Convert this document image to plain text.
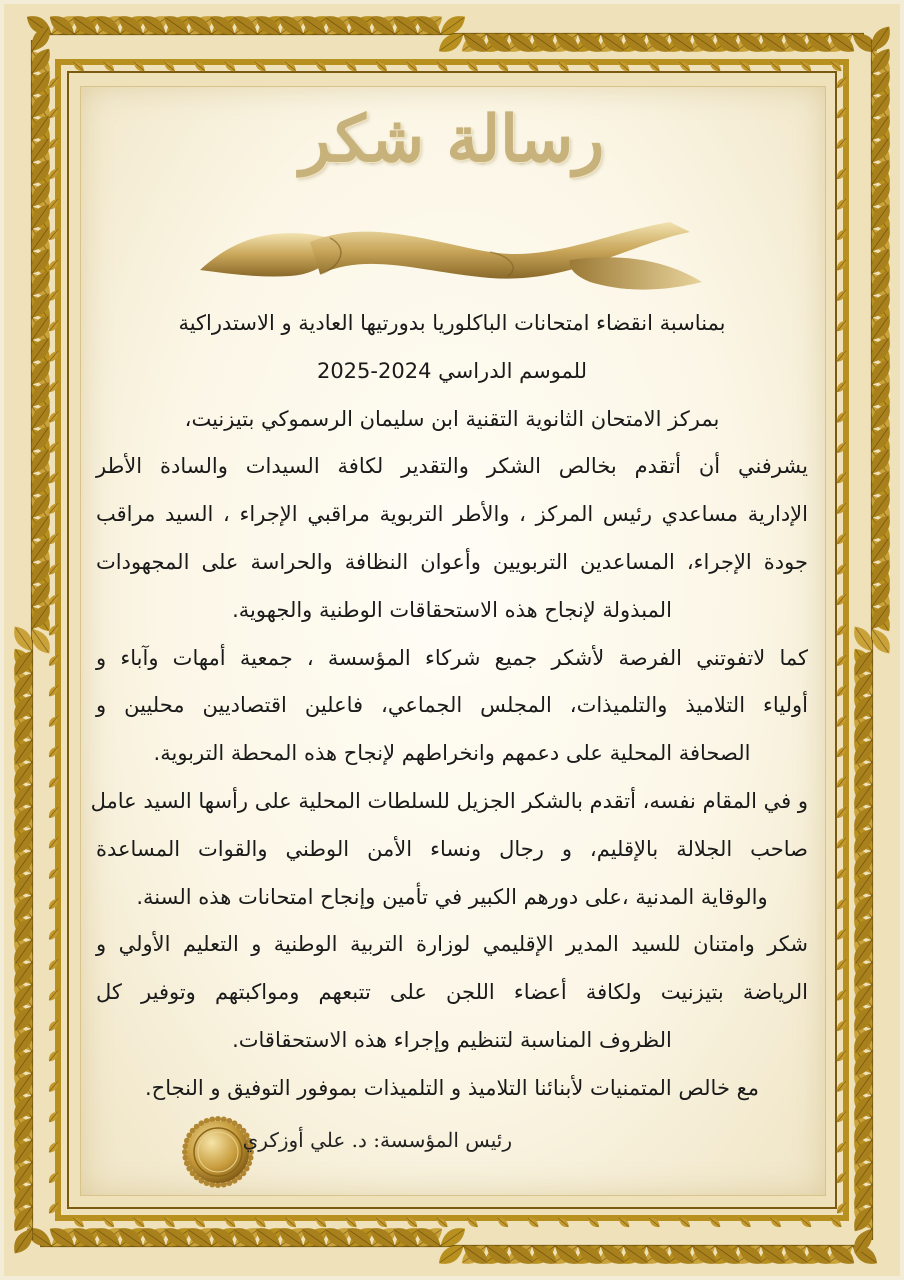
رسالة شكر

بمناسبة انقضاء امتحانات الباكلوريا بدورتيها العادية و الاستدراكية

للموسم الدراسي 2024-2025

بمركز الامتحان الثانوية التقنية ابن سليمان الرسموكي بتيزنيت،

يشرفني أن أتقدم بخالص الشكر والتقدير لكافة السيدات والسادة الأطر

الإدارية مساعدي رئيس المركز ، والأطر التربوية مراقبي الإجراء ، السيد مراقب

جودة الإجراء، المساعدين التربويين وأعوان النظافة والحراسة على المجهودات

المبذولة لإنجاح هذه الاستحقاقات الوطنية والجهوية.

كما لاتفوتني الفرصة لأشكر جميع شركاء المؤسسة ، جمعية أمهات وآباء و

أولياء التلاميذ والتلميذات، المجلس الجماعي، فاعلين اقتصاديين محليين و

الصحافة المحلية على دعمهم وانخراطهم لإنجاح هذه المحطة التربوية.

و في المقام نفسه، أتقدم بالشكر الجزيل للسلطات المحلية على رأسها السيد عامل

صاحب الجلالة بالإقليم، و رجال ونساء الأمن الوطني والقوات المساعدة

والوقاية المدنية ،على دورهم الكبير في تأمين وإنجاح امتحانات هذه السنة.

شكر وامتنان للسيد المدير الإقليمي لوزارة التربية الوطنية و التعليم الأولي و

الرياضة بتيزنيت ولكافة أعضاء اللجن على تتبعهم ومواكبتهم وتوفير كل

الظروف المناسبة لتنظيم وإجراء هذه الاستحقاقات.

مع خالص المتمنيات لأبنائنا التلاميذ و التلميذات بموفور التوفيق و النجاح.

رئيس المؤسسة: د. علي أوزكري
